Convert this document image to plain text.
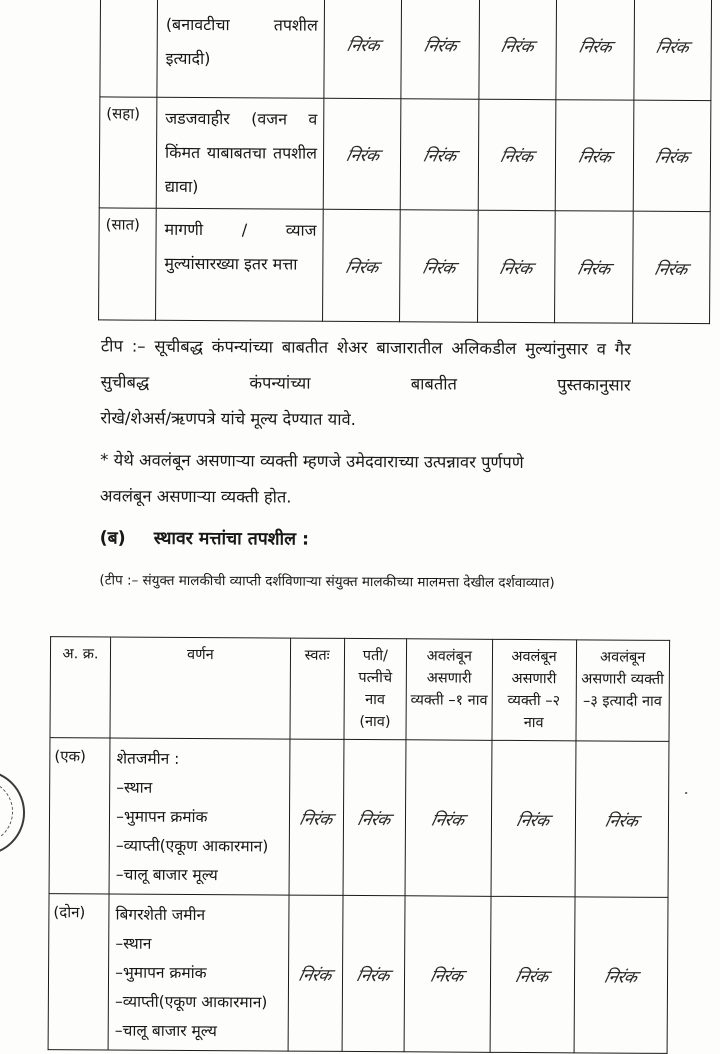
	(बनावटीचा तपशील इत्यादी)	निरंक	निरंक	निरंक	निरंक	निरंक
(सहा)	जडजवाहीर (वजन व किंमत याबाबतचा तपशील द्यावा)	निरंक	निरंक	निरंक	निरंक	निरंक
(सात)	मागणी / व्याज मुल्यांसारख्या इतर मत्ता	निरंक	निरंक	निरंक	निरंक	निरंक
टीप :– सूचीबद्ध कंपन्यांच्या बाबतीत शेअर बाजारातील अलिकडील मुल्यांनुसार व गैर सुचीबद्ध कंपन्यांच्या बाबतीत पुस्तकानुसार
रोखे/शेअर्स/ऋणपत्रे यांचे मूल्य देण्यात यावे.
* येथे अवलंबून असणाऱ्या व्यक्ती म्हणजे उमेदवाराच्या उत्पन्नावर पुर्णपणे
अवलंबून असणाऱ्या व्यक्ती होत.
(ब) स्थावर मत्तांचा तपशील :
(टीप :– संयुक्त मालकीची व्याप्ती दर्शविणाऱ्या संयुक्त मालकीच्या मालमत्ता देखील दर्शवाव्यात)
अ. क्र.	वर्णन	स्वतः	पती/ पत्नीचे नाव (नाव)	अवलंबून असणारी व्यक्ती –१ नाव	अवलंबून असणारी व्यक्ती –२ नाव	अवलंबून असणारी व्यक्ती –३ इत्यादी नाव
(एक)	शेतजमीन :
–स्थान
–भुमापन क्रमांक
–व्याप्ती(एकूण आकारमान)
–चालू बाजार मूल्य	निरंक	निरंक	निरंक	निरंक	निरंक
(दोन)	बिगरशेती जमीन
–स्थान
–भुमापन क्रमांक
–व्याप्ती(एकूण आकारमान)
–चालू बाजार मूल्य	निरंक	निरंक	निरंक	निरंक	निरंक
